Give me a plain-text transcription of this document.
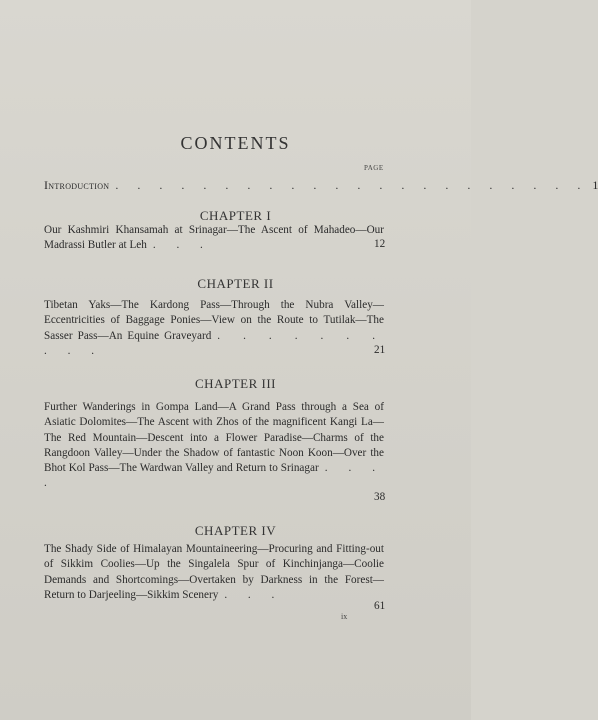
CONTENTS
PAGE
Introduction . . . . . . . . . . . . . . . . . . . . . . 1
CHAPTER I
Our Kashmiri Khansamah at Srinagar—The Ascent of Mahadeo—Our Madrassi Butler at Leh . . .	12
CHAPTER II
Tibetan Yaks—The Kardong Pass—Through the Nubra Valley—Eccentricities of Baggage Ponies—View on the Route to Tutilak—The Sasser Pass—An Equine Graveyard . . . . . . . . . .	21
CHAPTER III
Further Wanderings in Gompa Land—A Grand Pass through a Sea of Asiatic Dolomites—The Ascent with Zhos of the magnificent Kangi La—The Red Mountain—Descent into a Flower Paradise—Charms of the Rangdoon Valley—Under the Shadow of fantastic Noon Koon—Over the Bhot Kol Pass—The Wardwan Valley and Return to Srinagar . . . .
38
CHAPTER IV
The Shady Side of Himalayan Mountaineering—Procuring and Fitting-out of Sikkim Coolies—Up the Singalela Spur of Kinchinjanga—Coolie Demands and Shortcomings—Overtaken by Darkness in the Forest—Return to Darjeeling—Sikkim Scenery . . .
61
ix
